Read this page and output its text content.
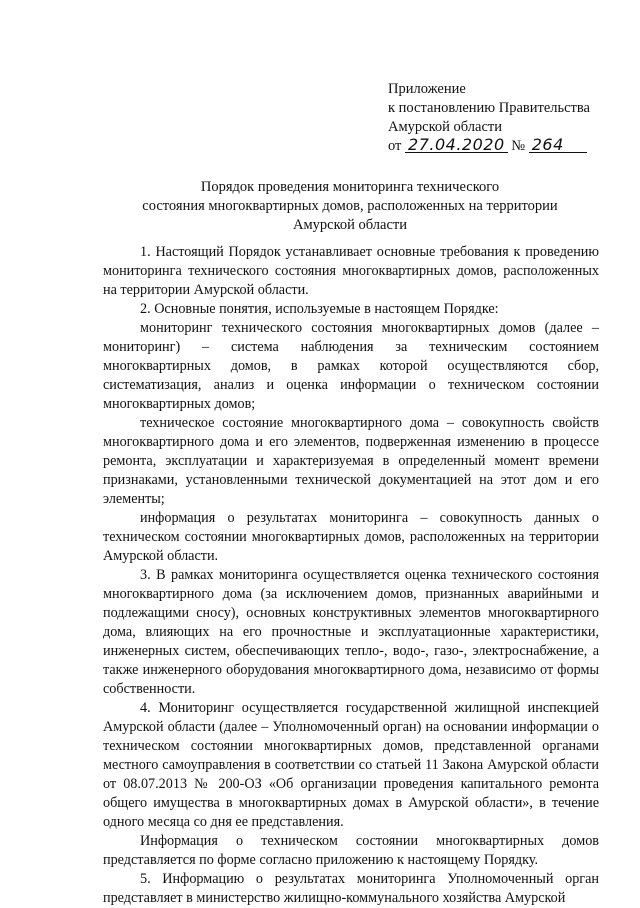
Приложение
к постановлению Правительства
Амурской области
от 27.04.2020 № 264
Порядок проведения мониторинга технического
состояния многоквартирных домов, расположенных на территории
Амурской области

1. Настоящий Порядок устанавливает основные требования к проведению мониторинга технического состояния многоквартирных домов, расположенных на территории Амурской области.

2. Основные понятия, используемые в настоящем Порядке:

мониторинг технического состояния многоквартирных домов (далее – мониторинг) – система наблюдения за техническим состоянием многоквартирных домов, в рамках которой осуществляются сбор, систематизация, анализ и оценка информации о техническом состоянии многоквартирных домов;

техническое состояние многоквартирного дома – совокупность свойств многоквартирного дома и его элементов, подверженная изменению в процессе ремонта, эксплуатации и характеризуемая в определенный момент времени признаками, установленными технической документацией на этот дом и его элементы;

информация о результатах мониторинга – совокупность данных о техническом состоянии многоквартирных домов, расположенных на территории Амурской области.

3. В рамках мониторинга осуществляется оценка технического состояния многоквартирного дома (за исключением домов, признанных аварийными и подлежащими сносу), основных конструктивных элементов многоквартирного дома, влияющих на его прочностные и эксплуатационные характеристики, инженерных систем, обеспечивающих тепло-, водо-, газо-, электроснабжение, а также инженерного оборудования многоквартирного дома, независимо от формы собственности.

4. Мониторинг осуществляется государственной жилищной инспекцией Амурской области (далее – Уполномоченный орган) на основании информации о техническом состоянии многоквартирных домов, представленной органами местного самоуправления в соответствии со статьей 11 Закона Амурской области от 08.07.2013 № 200-ОЗ «Об организации проведения капитального ремонта общего имущества в многоквартирных домах в Амурской области», в течение одного месяца со дня ее представления.

Информация о техническом состоянии многоквартирных домов представляется по форме согласно приложению к настоящему Порядку.

5. Информацию о результатах мониторинга Уполномоченный орган представляет в министерство жилищно-коммунального хозяйства Амурской
